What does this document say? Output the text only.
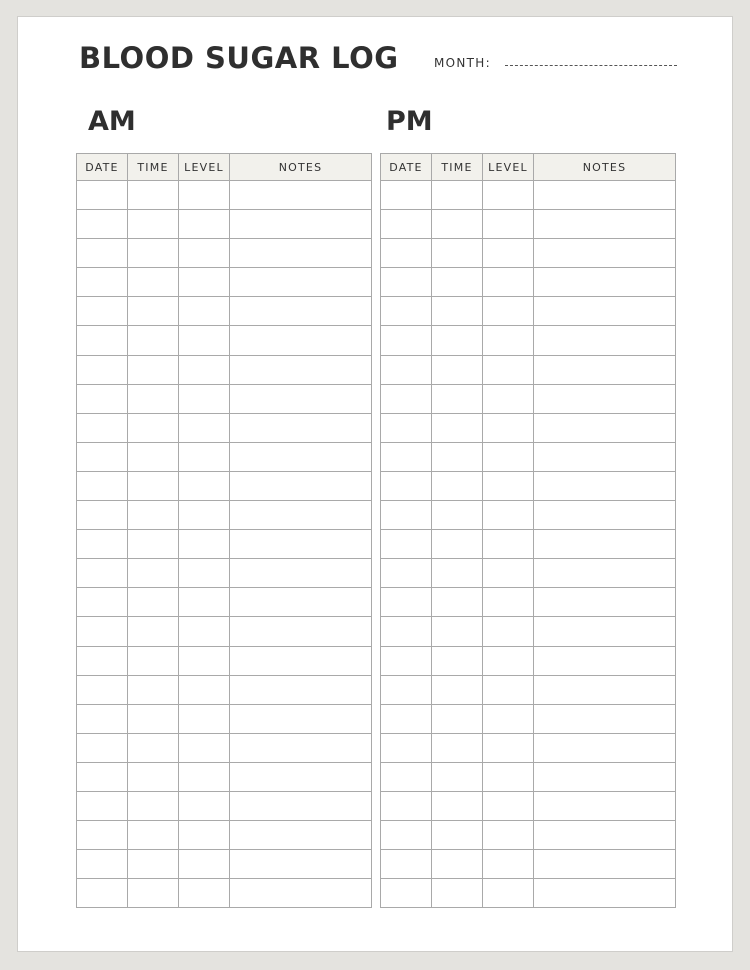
BLOOD SUGAR LOG	MONTH:
AM	PM
DATE	TIME	LEVEL	NOTES

				DATE	TIME	LEVEL	NOTES
